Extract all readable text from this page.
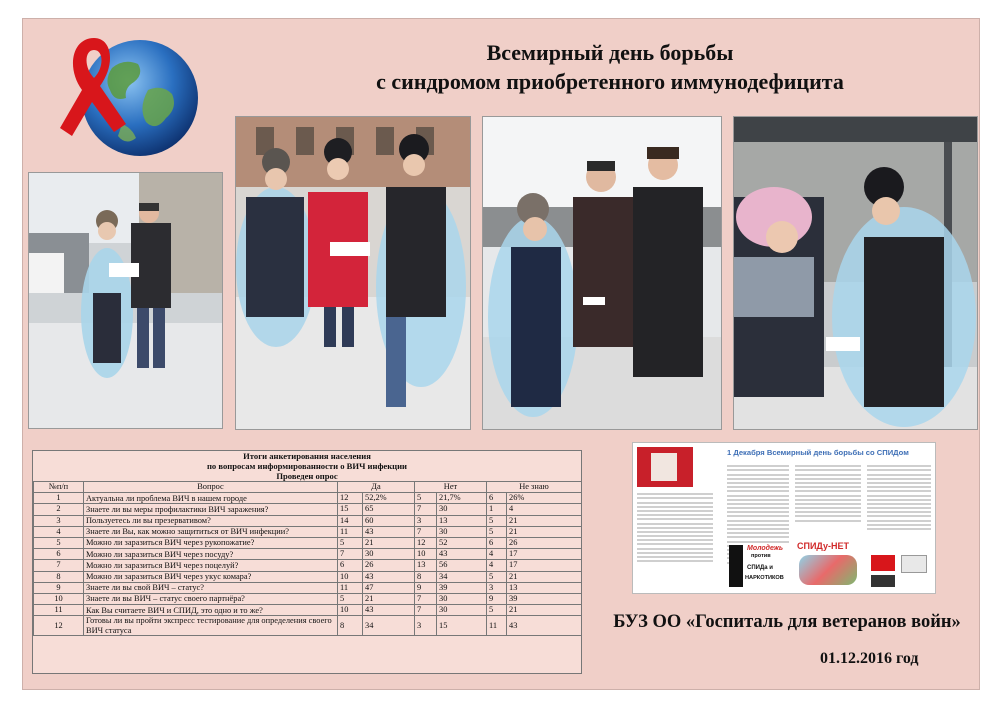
Всемирный день борьбы
с синдромом приобретенного иммунодефицита
Итоги анкетирования населения
по вопросам информированности о ВИЧ инфекции
Проведен опрос
№п/п	Вопрос	Да		Нет		Не знаю	
1	Актуальна ли проблема ВИЧ в нашем городе	12	52,2%	5	21,7%	6	26%
2	Знаете ли вы меры профилактики ВИЧ заражения?	15	65	7	30	1	4
3	Пользуетесь ли вы презервативом?	14	60	3	13	5	21
4	Знаете ли Вы, как можно защититься от ВИЧ инфекции?	11	43	7	30	5	21
5	Можно ли заразиться ВИЧ через рукопожатие?	5	21	12	52	6	26
6	Можно ли заразиться ВИЧ через посуду?	7	30	10	43	4	17
7	Можно ли заразиться ВИЧ через поцелуй?	6	26	13	56	4	17
8	Можно ли заразиться ВИЧ через укус комара?	10	43	8	34	5	21
9	Знаете ли вы свой ВИЧ – статус?	11	47	9	39	3	13
10	Знаете ли вы ВИЧ – статус своего партнёра?	5	21	7	30	9	39
11	Как Вы считаете ВИЧ и СПИД, это одно и то же?	10	43	7	30	5	21
12	Готовы ли вы пройти экспресс тестирование для определения своего ВИЧ статуса	8	34	3	15	11	43
1 Декабря Всемирный день борьбы со СПИДом
Молодежь
против
СПИДа и
НАРКОТИКОВ
СПИДу-НЕТ
БУЗ ОО «Госпиталь для ветеранов войн»
01.12.2016 год
